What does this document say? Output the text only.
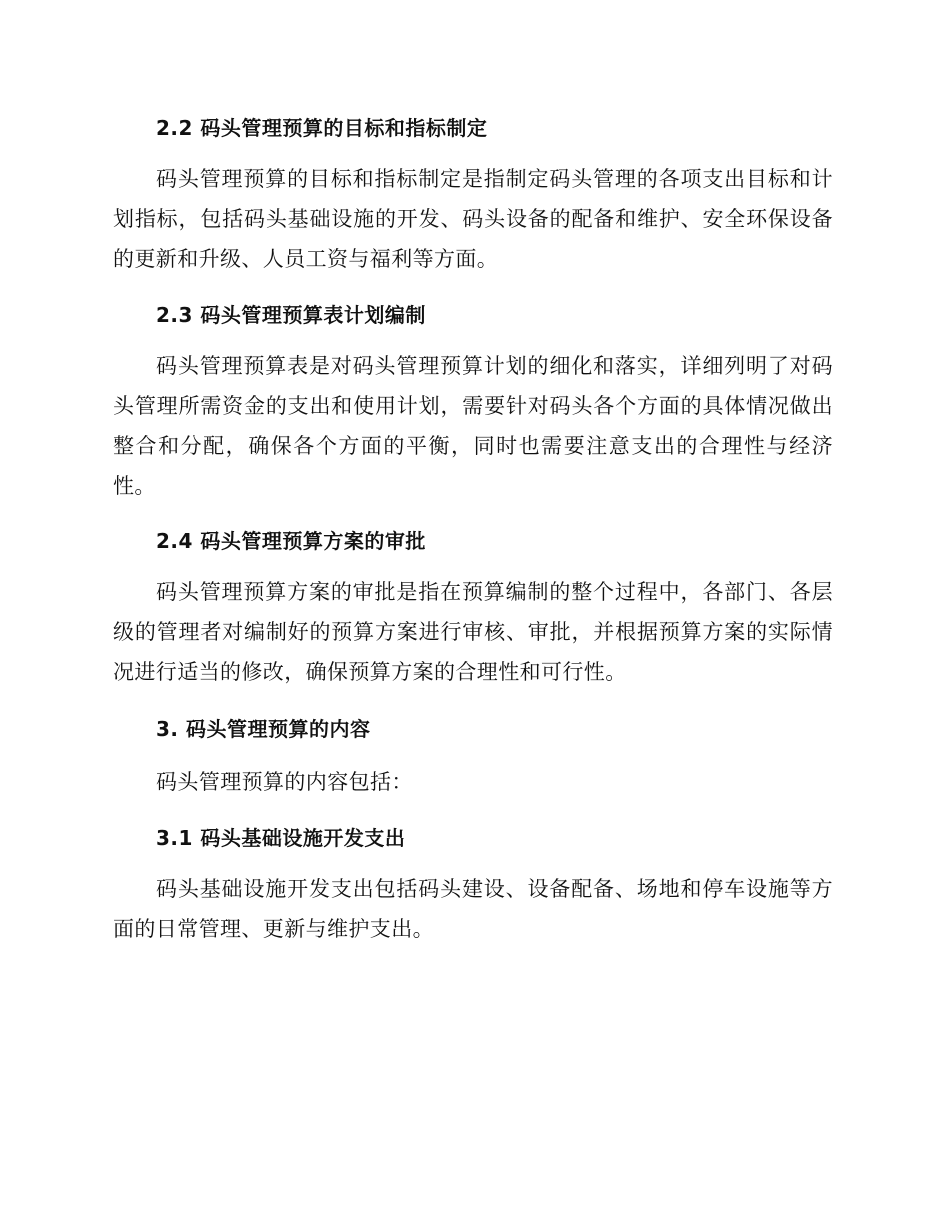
2.2 码头管理预算的目标和指标制定

码头管理预算的目标和指标制定是指制定码头管理的各项支出目标和计划指标，包括码头基础设施的开发、码头设备的配备和维护、安全环保设备的更新和升级、人员工资与福利等方面。

2.3 码头管理预算表计划编制

码头管理预算表是对码头管理预算计划的细化和落实，详细列明了对码头管理所需资金的支出和使用计划，需要针对码头各个方面的具体情况做出整合和分配，确保各个方面的平衡，同时也需要注意支出的合理性与经济性。

2.4 码头管理预算方案的审批

码头管理预算方案的审批是指在预算编制的整个过程中，各部门、各层级的管理者对编制好的预算方案进行审核、审批，并根据预算方案的实际情况进行适当的修改，确保预算方案的合理性和可行性。

3. 码头管理预算的内容

码头管理预算的内容包括：

3.1 码头基础设施开发支出

码头基础设施开发支出包括码头建设、设备配备、场地和停车设施等方面的日常管理、更新与维护支出。
